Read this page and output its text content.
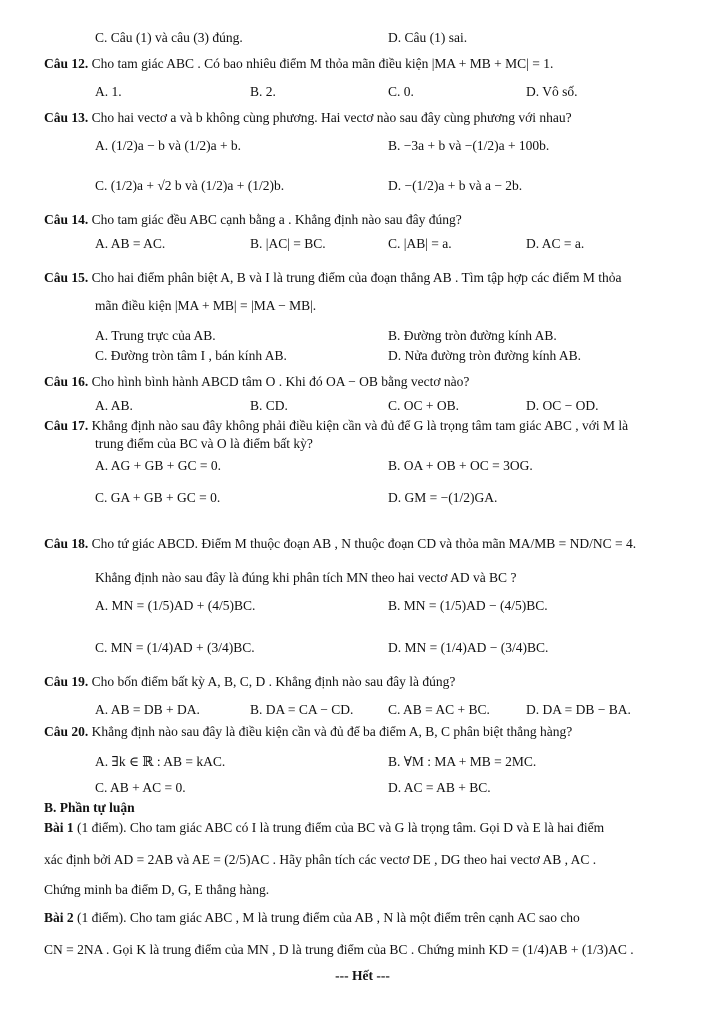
C. Câu (1) và câu (3) đúng.	D. Câu (1) sai.
Câu 12. Cho tam giác ABC . Có bao nhiêu điểm M thỏa mãn điều kiện |MA + MB + MC| = 1.
A. 1.	B. 2.	C. 0.	D. Vô số.
Câu 13. Cho hai vectơ a và b không cùng phương. Hai vectơ nào sau đây cùng phương với nhau?
A. (1/2)a − b và (1/2)a + b.	B. −3a + b và −(1/2)a + 100b.
C. (1/2)a + √2 b và (1/2)a + (1/2)b.	D. −(1/2)a + b và a − 2b.
Câu 14. Cho tam giác đều ABC cạnh bằng a . Khẳng định nào sau đây đúng?
A. AB = AC.	B. |AC| = BC.	C. |AB| = a.	D. AC = a.
Câu 15. Cho hai điểm phân biệt A, B và I là trung điểm của đoạn thẳng AB . Tìm tập hợp các điểm M thỏa
mãn điều kiện |MA + MB| = |MA − MB|.
A. Trung trực của AB.	B. Đường tròn đường kính AB.
C. Đường tròn tâm I , bán kính AB.	D. Nửa đường tròn đường kính AB.
Câu 16. Cho hình bình hành ABCD tâm O . Khi đó OA − OB bằng vectơ nào?
A. AB.	B. CD.	C. OC + OB.	D. OC − OD.
Câu 17. Khẳng định nào sau đây không phải điều kiện cần và đủ để G là trọng tâm tam giác ABC , với M là
trung điểm của BC và O là điểm bất kỳ?
A. AG + GB + GC = 0.	B. OA + OB + OC = 3OG.
C. GA + GB + GC = 0.	D. GM = −(1/2)GA.
Câu 18. Cho tứ giác ABCD. Điểm M thuộc đoạn AB , N thuộc đoạn CD và thỏa mãn MA/MB = ND/NC = 4.
Khẳng định nào sau đây là đúng khi phân tích MN theo hai vectơ AD và BC ?
A. MN = (1/5)AD + (4/5)BC.	B. MN = (1/5)AD − (4/5)BC.
C. MN = (1/4)AD + (3/4)BC.	D. MN = (1/4)AD − (3/4)BC.
Câu 19. Cho bốn điểm bất kỳ A, B, C, D . Khẳng định nào sau đây là đúng?
A. AB = DB + DA.	B. DA = CA − CD.	C. AB = AC + BC.	D. DA = DB − BA.
Câu 20. Khẳng định nào sau đây là điều kiện cần và đủ để ba điểm A, B, C phân biệt thẳng hàng?
A. ∃k ∈ ℝ : AB = kAC.	B. ∀M : MA + MB = 2MC.
C. AB + AC = 0.	D. AC = AB + BC.
B. Phần tự luận
Bài 1 (1 điểm). Cho tam giác ABC có I là trung điểm của BC và G là trọng tâm. Gọi D và E là hai điểm
xác định bởi AD = 2AB và AE = (2/5)AC . Hãy phân tích các vectơ DE , DG theo hai vectơ AB , AC .
Chứng minh ba điểm D, G, E thẳng hàng.
Bài 2 (1 điểm). Cho tam giác ABC , M là trung điểm của AB , N là một điểm trên cạnh AC sao cho
CN = 2NA . Gọi K là trung điểm của MN , D là trung điểm của BC . Chứng minh KD = (1/4)AB + (1/3)AC .
--- Hết ---
